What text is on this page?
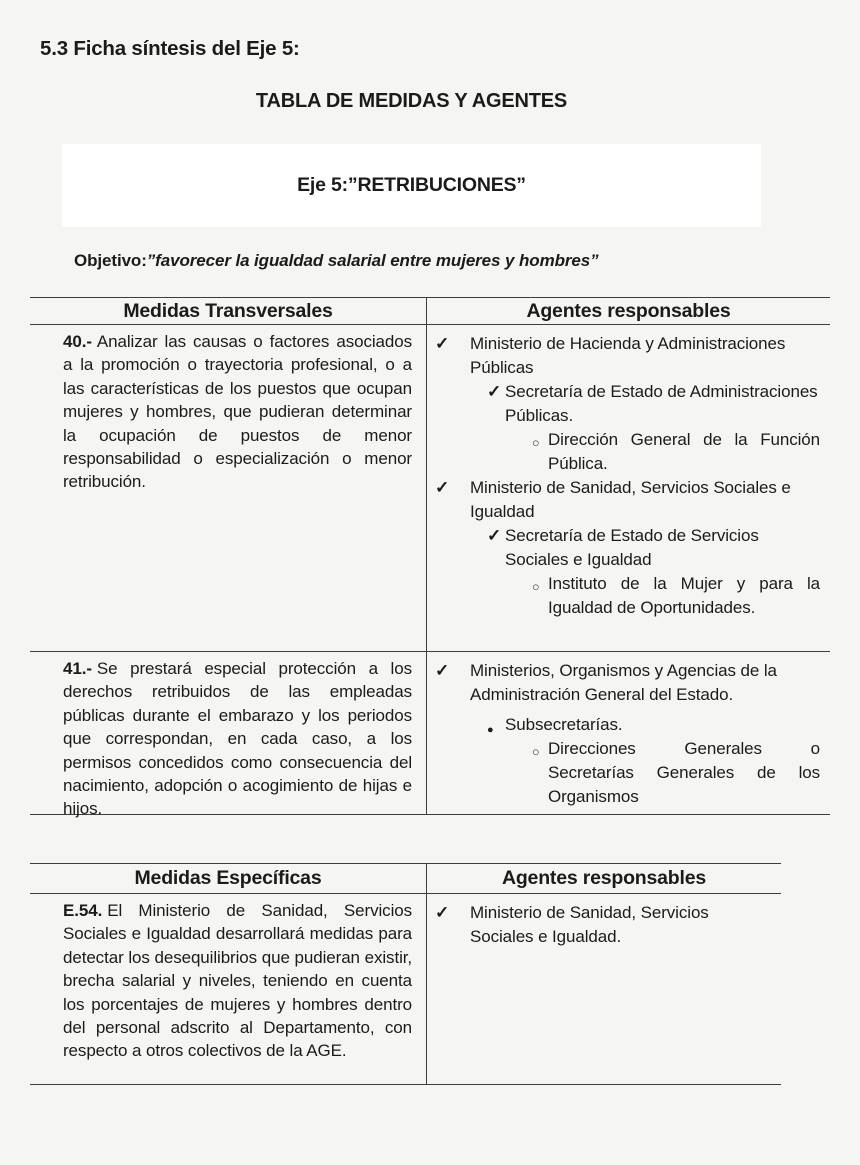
5.3 Ficha síntesis del Eje 5:
TABLA DE MEDIDAS Y AGENTES
Eje 5:”RETRIBUCIONES”
Objetivo:”favorecer la igualdad salarial entre mujeres y hombres”
Medidas Transversales	Agentes responsables

40.- Analizar las causas o factores asociados a la promoción o trayectoria profesional, o a las características de los puestos que ocupan mujeres y hombres, que pudieran determinar la ocupación de puestos de menor responsabilidad o especialización o menor retribución.

✓ Ministerio de Hacienda y Administraciones Públicas
✓ Secretaría de Estado de Administraciones Públicas.
○ Dirección General de la Función Pública.
✓ Ministerio de Sanidad, Servicios Sociales e Igualdad
✓ Secretaría de Estado de Servicios Sociales e Igualdad
○ Instituto de la Mujer y para la Igualdad de Oportunidades.

41.- Se prestará especial protección a los derechos retribuidos de las empleadas públicas durante el embarazo y los periodos que correspondan, en cada caso, a los permisos concedidos como consecuencia del nacimiento, adopción o acogimiento de hijas e hijos.

✓ Ministerios, Organismos y Agencias de la Administración General del Estado.
● Subsecretarías.
○ Direcciones Generales o Secretarías Generales de los Organismos
Medidas Específicas	Agentes responsables

E.54. El Ministerio de Sanidad, Servicios Sociales e Igualdad desarrollará medidas para detectar los desequilibrios que pudieran existir, brecha salarial y niveles, teniendo en cuenta los porcentajes de mujeres y hombres dentro del personal adscrito al Departamento, con respecto a otros colectivos de la AGE.

✓ Ministerio de Sanidad, Servicios Sociales e Igualdad.
